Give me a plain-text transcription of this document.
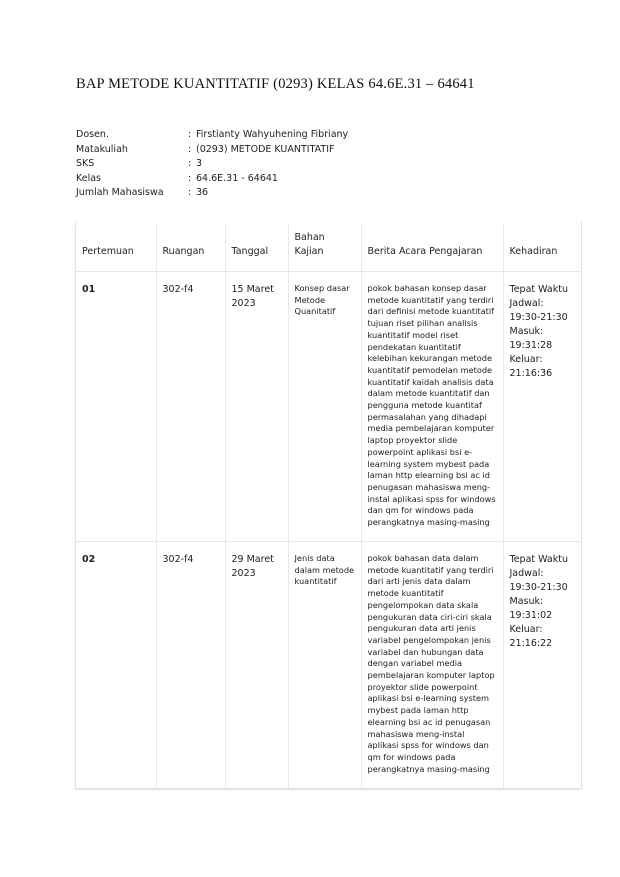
BAP METODE KUANTITATIF (0293) KELAS 64.6E.31 – 64641
Dosen.	: Firstianty Wahyuhening Fibriany
Matakuliah	: (0293) METODE KUANTITATIF
SKS	: 3
Kelas	: 64.6E.31 - 64641
Jumlah Mahasiswa	: 36
Pertemuan	Ruangan	Tanggal	Bahan Kajian	Berita Acara Pengajaran	Kehadiran
01	302-f4	15 Maret 2023	Konsep dasar Metode Quanitatif	pokok bahasan konsep dasar metode kuantitatif yang terdiri dari definisi metode kuantitatif tujuan riset pilihan analisis kuantitatif model riset pendekatan kuantitatif kelebihan kekurangan metode kuantitatif pemodelan metode kuantitatif kaidah analisis data dalam metode kuantitatif dan pengguna metode kuantitaf permasalahan yang dihadapi media pembelajaran komputer laptop proyektor slide powerpoint aplikasi bsi e-learning system mybest pada laman http elearning bsi ac id penugasan mahasiswa meng-instal aplikasi spss for windows dan qm for windows pada perangkatnya masing-masing	Tepat Waktu Jadwal: 19:30-21:30 Masuk: 19:31:28 Keluar: 21:16:36
02	302-f4	29 Maret 2023	Jenis data dalam metode kuantitatif	pokok bahasan data dalam metode kuantitatif yang terdiri dari arti jenis data dalam metode kuantitatif pengelompokan data skala pengukuran data ciri-ciri skala pengukuran data arti jenis variabel pengelompokan jenis variabel dan hubungan data dengan variabel media pembelajaran komputer laptop proyektor slide powerpoint aplikasi bsi e-learning system mybest pada laman http elearning bsi ac id penugasan mahasiswa meng-instal aplikasi spss for windows dan qm for windows pada perangkatnya masing-masing	Tepat Waktu Jadwal: 19:30-21:30 Masuk: 19:31:02 Keluar: 21:16:22
